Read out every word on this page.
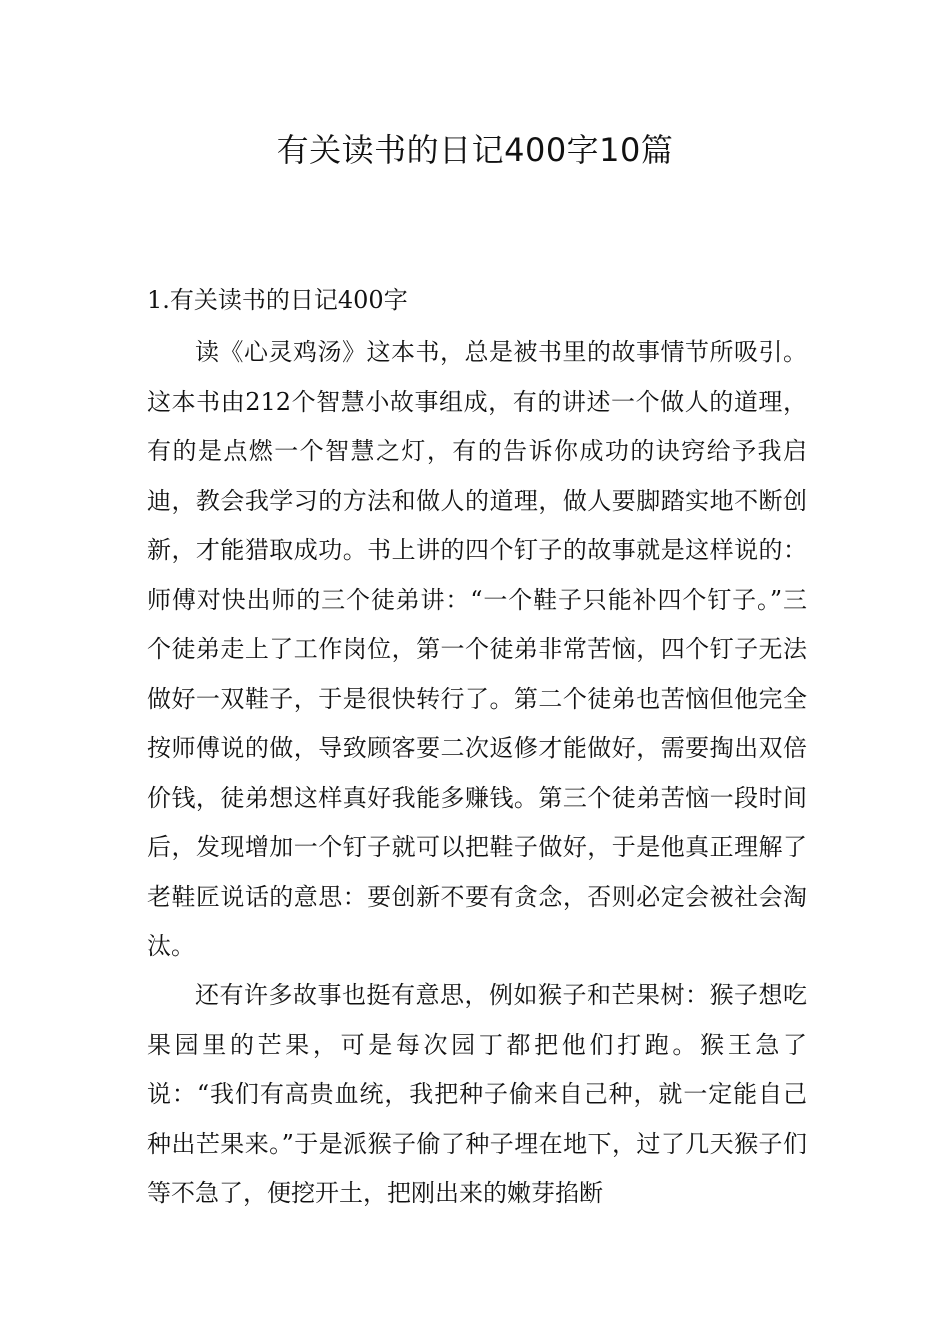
有关读书的日记400字10篇
1.有关读书的日记400字

读《心灵鸡汤》这本书，总是被书里的故事情节所吸引。这本书由212个智慧小故事组成，有的讲述一个做人的道理，有的是点燃一个智慧之灯，有的告诉你成功的诀窍给予我启迪，教会我学习的方法和做人的道理，做人要脚踏实地不断创新，才能猎取成功。书上讲的四个钉子的故事就是这样说的：师傅对快出师的三个徒弟讲：“一个鞋子只能补四个钉子。”三个徒弟走上了工作岗位，第一个徒弟非常苦恼，四个钉子无法做好一双鞋子，于是很快转行了。第二个徒弟也苦恼但他完全按师傅说的做，导致顾客要二次返修才能做好，需要掏出双倍价钱，徒弟想这样真好我能多赚钱。第三个徒弟苦恼一段时间后，发现增加一个钉子就可以把鞋子做好，于是他真正理解了老鞋匠说话的意思：要创新不要有贪念，否则必定会被社会淘汰。

还有许多故事也挺有意思，例如猴子和芒果树：猴子想吃果园里的芒果，可是每次园丁都把他们打跑。猴王急了说：“我们有高贵血统，我把种子偷来自己种，就一定能自己种出芒果来。”于是派猴子偷了种子埋在地下，过了几天猴子们等不急了，便挖开土，把刚出来的嫩芽掐断
